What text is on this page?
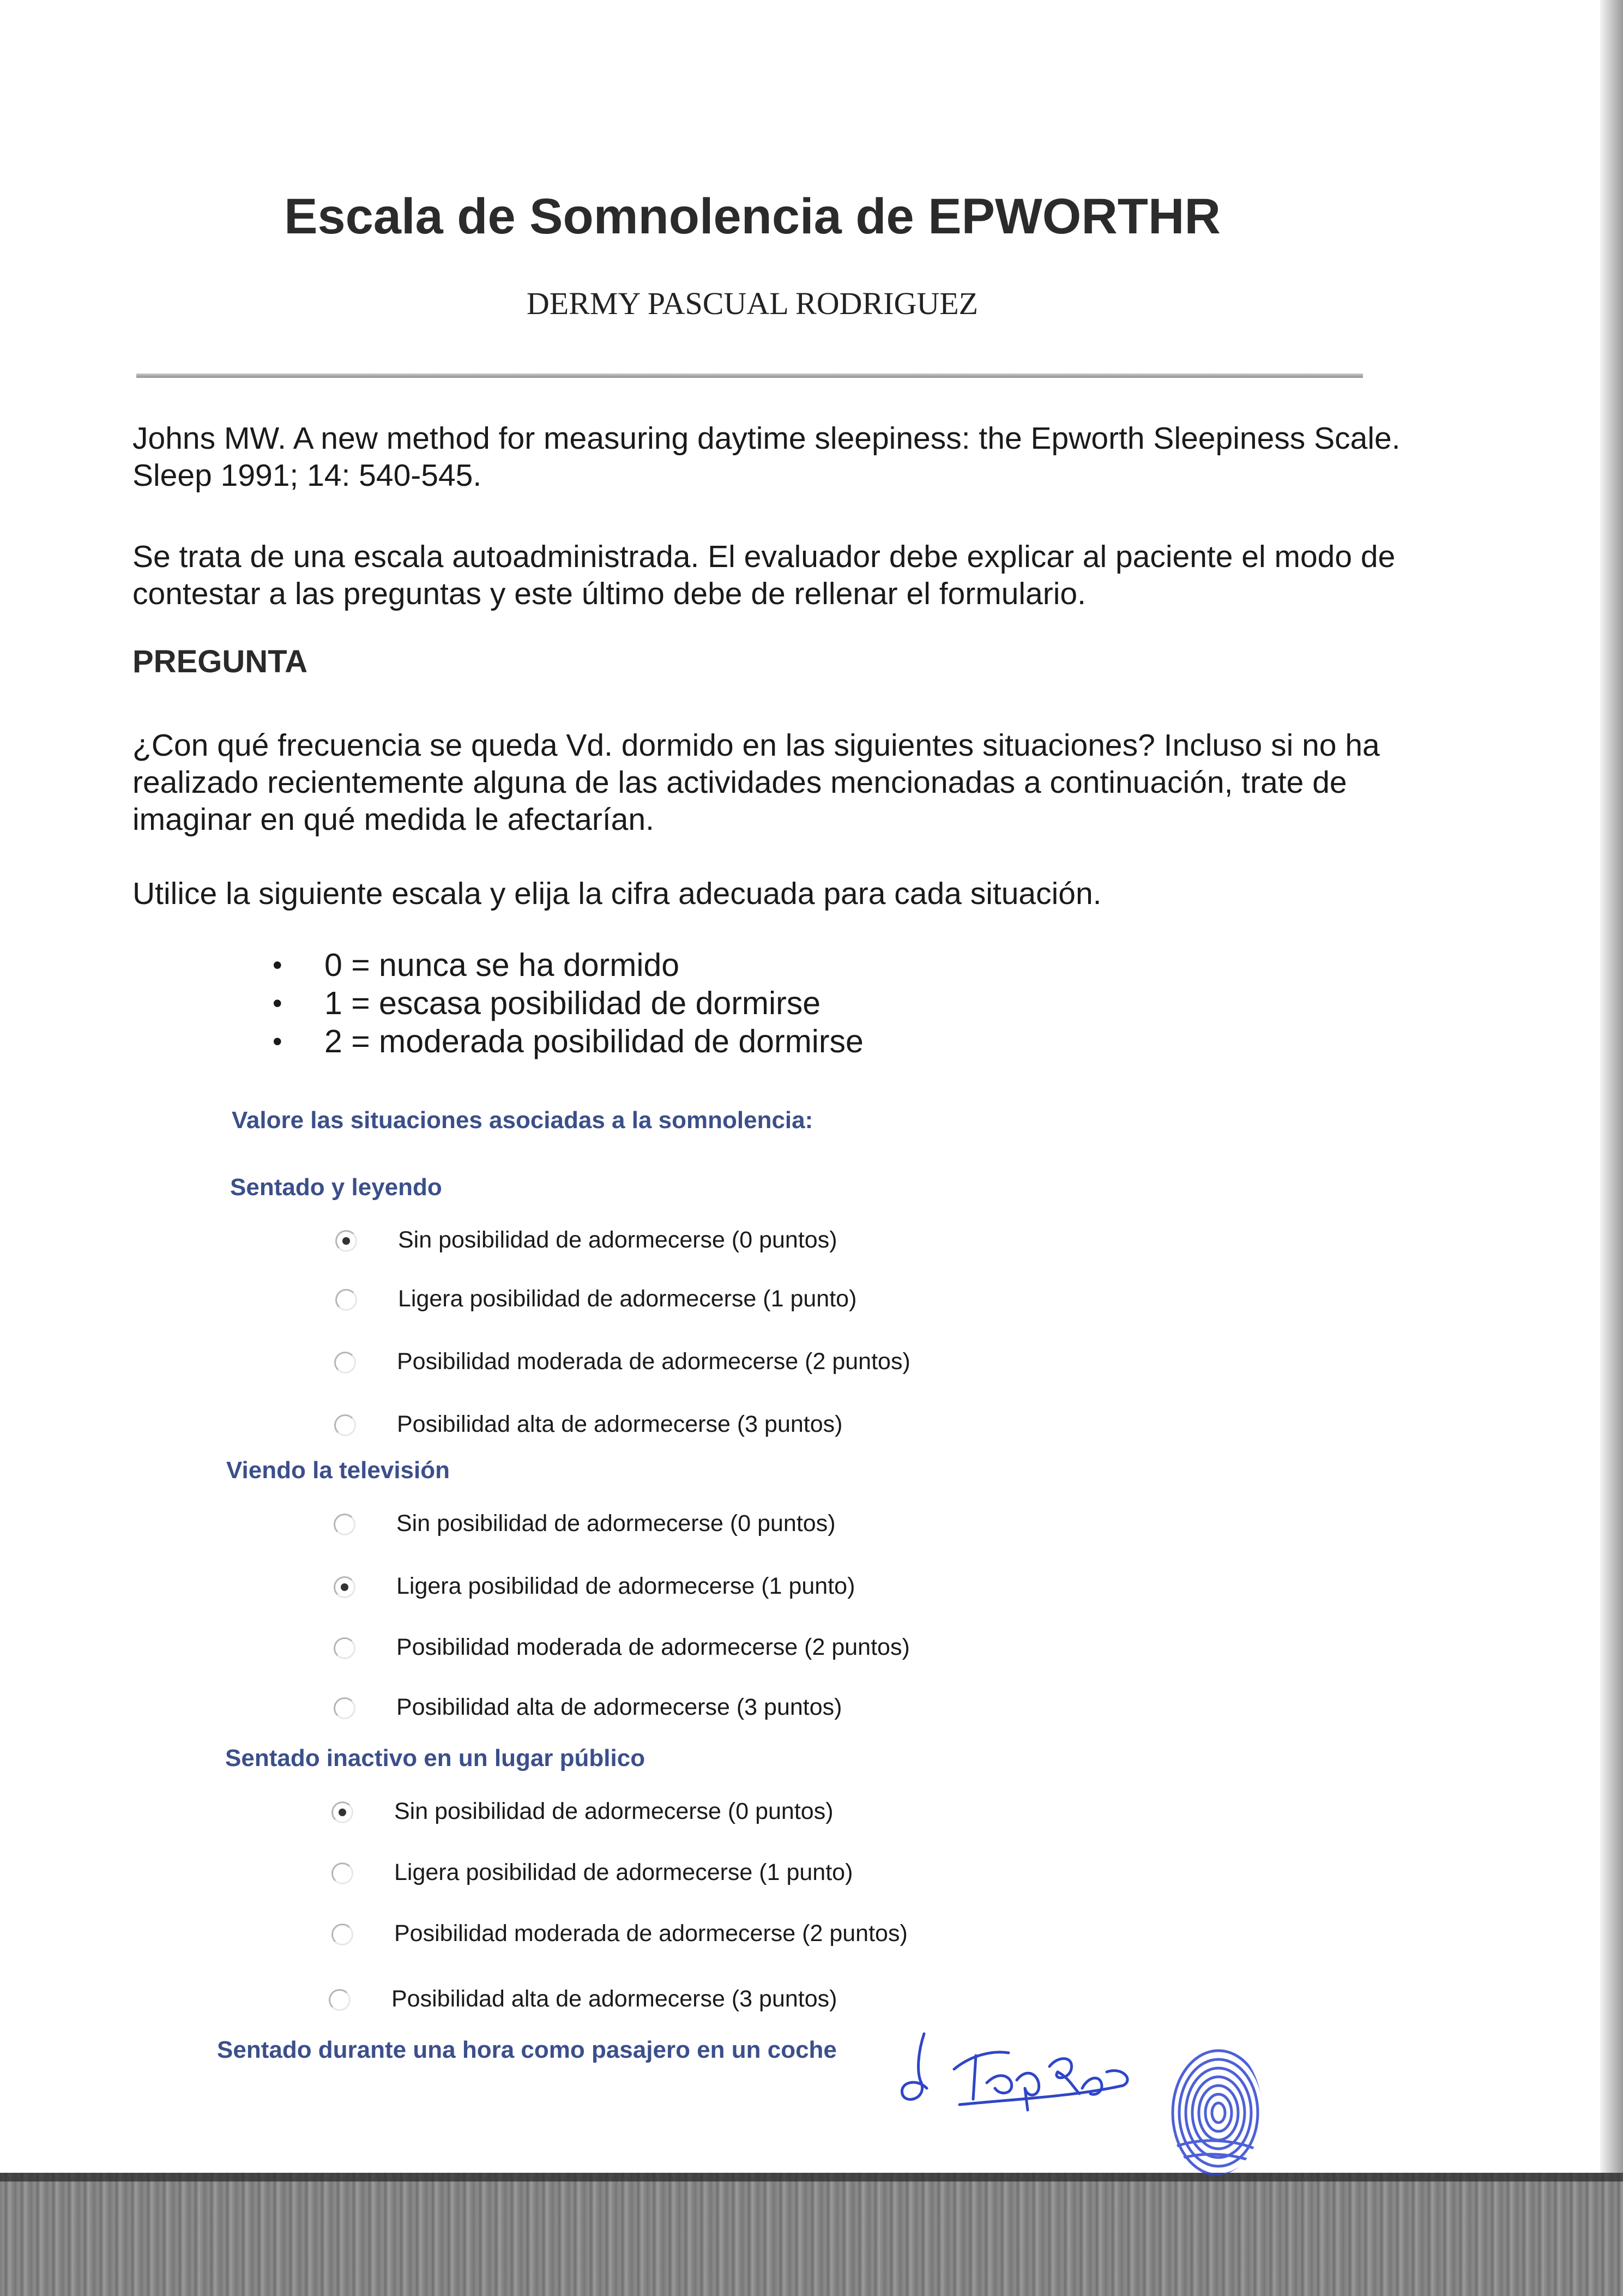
Escala de Somnolencia de EPWORTHR
DERMY PASCUAL RODRIGUEZ

Johns MW. A new method for measuring daytime sleepiness: the Epworth Sleepiness Scale. Sleep 1991; 14: 540-545.

Se trata de una escala autoadministrada. El evaluador debe explicar al paciente el modo de contestar a las preguntas y este último debe de rellenar el formulario.

PREGUNTA

¿Con qué frecuencia se queda Vd. dormido en las siguientes situaciones? Incluso si no ha realizado recientemente alguna de las actividades mencionadas a continuación, trate de imaginar en qué medida le afectarían.

Utilice la siguiente escala y elija la cifra adecuada para cada situación.

• 0 = nunca se ha dormido
• 1 = escasa posibilidad de dormirse
• 2 = moderada posibilidad de dormirse
Valore las situaciones asociadas a la somnolencia:
Sentado y leyendo
Sin posibilidad de adormecerse (0 puntos)
Ligera posibilidad de adormecerse (1 punto)
Posibilidad moderada de adormecerse (2 puntos)
Posibilidad alta de adormecerse (3 puntos)
Viendo la televisión
Sin posibilidad de adormecerse (0 puntos)
Ligera posibilidad de adormecerse (1 punto)
Posibilidad moderada de adormecerse (2 puntos)
Posibilidad alta de adormecerse (3 puntos)
Sentado inactivo en un lugar público
Sin posibilidad de adormecerse (0 puntos)
Ligera posibilidad de adormecerse (1 punto)
Posibilidad moderada de adormecerse (2 puntos)
Posibilidad alta de adormecerse (3 puntos)
Sentado durante una hora como pasajero en un coche
